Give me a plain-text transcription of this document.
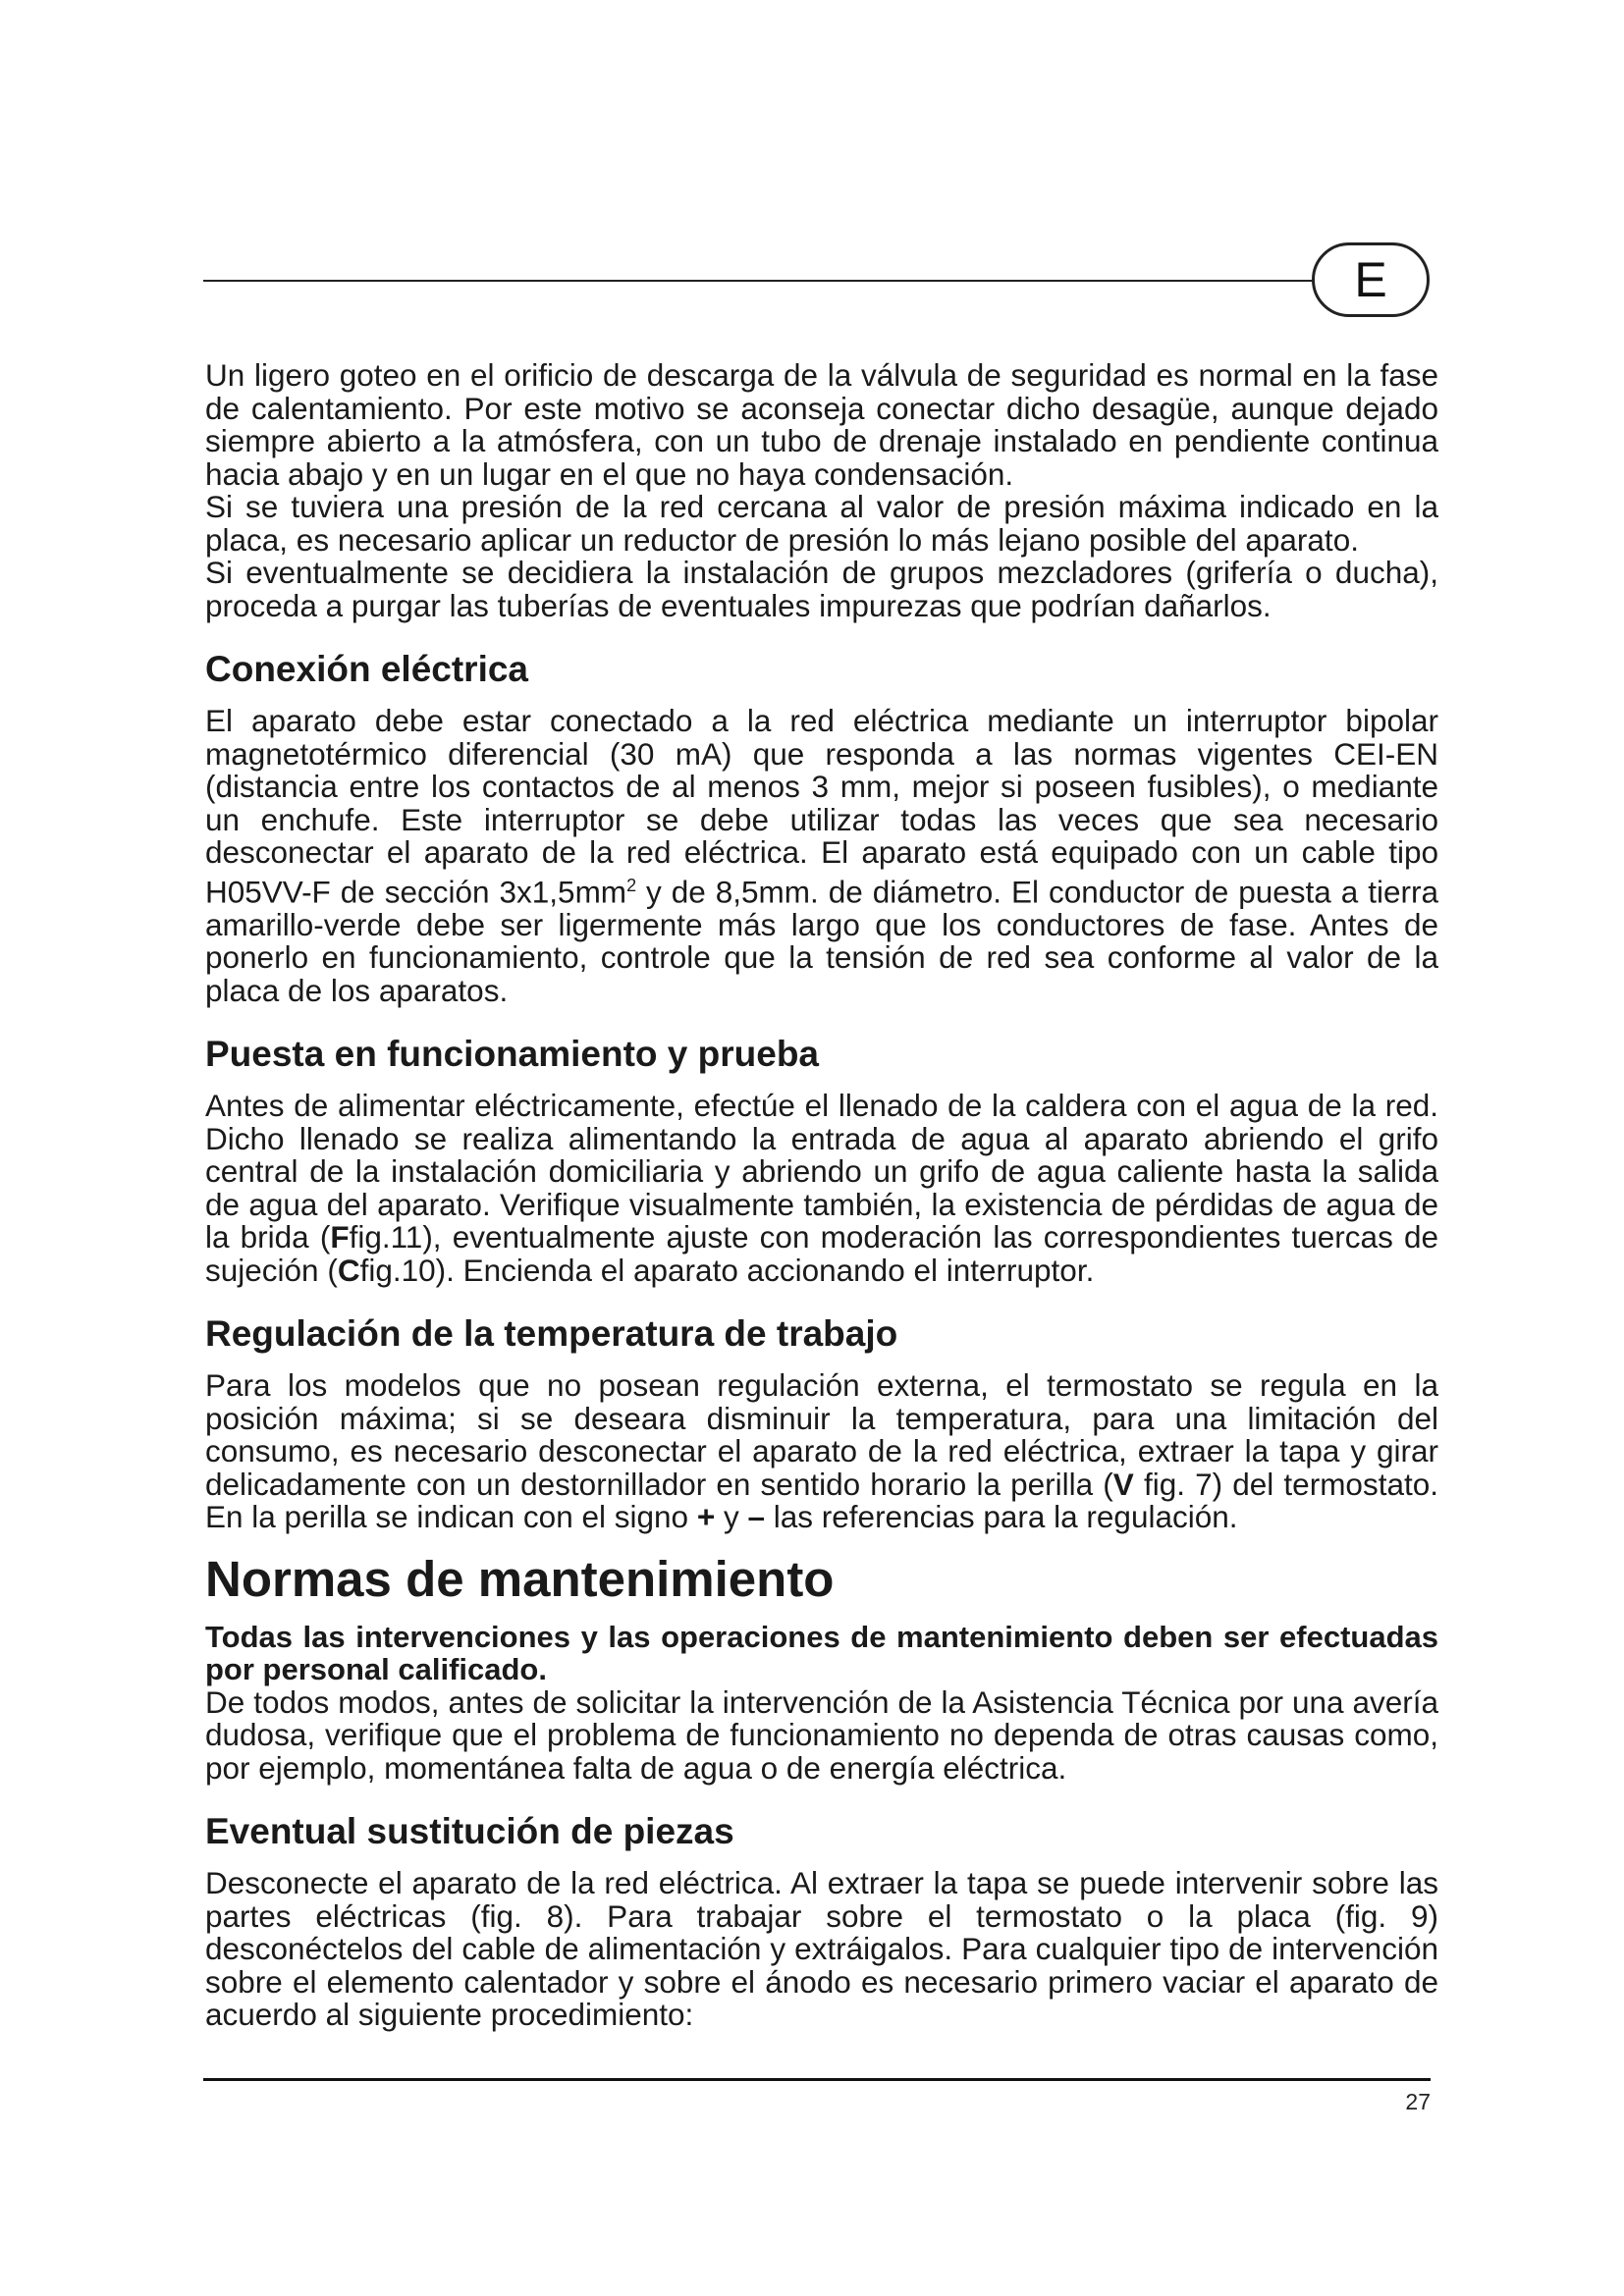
E

Un ligero goteo en el orificio de descarga de la válvula de seguridad es normal en la fase de calentamiento. Por este motivo se aconseja conectar dicho desagüe, aunque dejado siempre abierto a la atmósfera, con un tubo de drenaje instalado en pendiente continua hacia abajo y en un lugar en el que no haya condensación.

Si se tuviera una presión de la red cercana al valor de presión máxima indicado en la placa, es necesario aplicar un reductor de presión lo más lejano posible del aparato.

Si eventualmente se decidiera la instalación de grupos mezcladores (grifería o ducha), proceda a purgar las tuberías de eventuales impurezas que podrían dañarlos.

Conexión eléctrica

El aparato debe estar conectado a la red eléctrica mediante un interruptor bipolar magnetotérmico diferencial (30 mA) que responda a las normas vigentes CEI-EN (distancia entre los contactos de al menos 3 mm, mejor si poseen fusibles), o mediante un enchufe. Este interruptor se debe utilizar todas las veces que sea necesario desconectar el aparato de la red eléctrica. El aparato está equipado con un cable tipo H05VV-F de sección $3x1,5mm^2$ y de 8,5mm. de diámetro. El conductor de puesta a tierra amarillo-verde debe ser ligermente más largo que los conductores de fase. Antes de ponerlo en funcionamiento, controle que la tensión de red sea conforme al valor de la placa de los aparatos.

Puesta en funcionamiento y prueba

Antes de alimentar eléctricamente, efectúe el llenado de la caldera con el agua de la red. Dicho llenado se realiza alimentando la entrada de agua al aparato abriendo el grifo central de la instalación domiciliaria y abriendo un grifo de agua caliente hasta la salida de agua del aparato. Verifique visualmente también, la existencia de pérdidas de agua de la brida (Ffig.11), eventualmente ajuste con moderación las correspondientes tuercas de sujeción (Cfig.10). Encienda el aparato accionando el interruptor.

Regulación de la temperatura de trabajo

Para los modelos que no posean regulación externa, el termostato se regula en la posición máxima; si se deseara disminuir la temperatura, para una limitación del consumo, es necesario desconectar el aparato de la red eléctrica, extraer la tapa y girar delicadamente con un destornillador en sentido horario la perilla (V fig. 7) del termostato. En la perilla se indican con el signo + y – las referencias para la regulación.

Normas de mantenimiento

Todas las intervenciones y las operaciones de mantenimiento deben ser efectuadas por personal calificado.

De todos modos, antes de solicitar la intervención de la Asistencia Técnica por una avería dudosa, verifique que el problema de funcionamiento no dependa de otras causas como, por ejemplo, momentánea falta de agua o de energía eléctrica.

Eventual sustitución de piezas

Desconecte el aparato de la red eléctrica. Al extraer la tapa se puede intervenir sobre las partes eléctricas (fig. 8). Para trabajar sobre el termostato o la placa (fig. 9) desconéctelos del cable de alimentación y extráigalos. Para cualquier tipo de intervención sobre el elemento calentador y sobre el ánodo es necesario primero vaciar el aparato de acuerdo al siguiente procedimiento:

27
